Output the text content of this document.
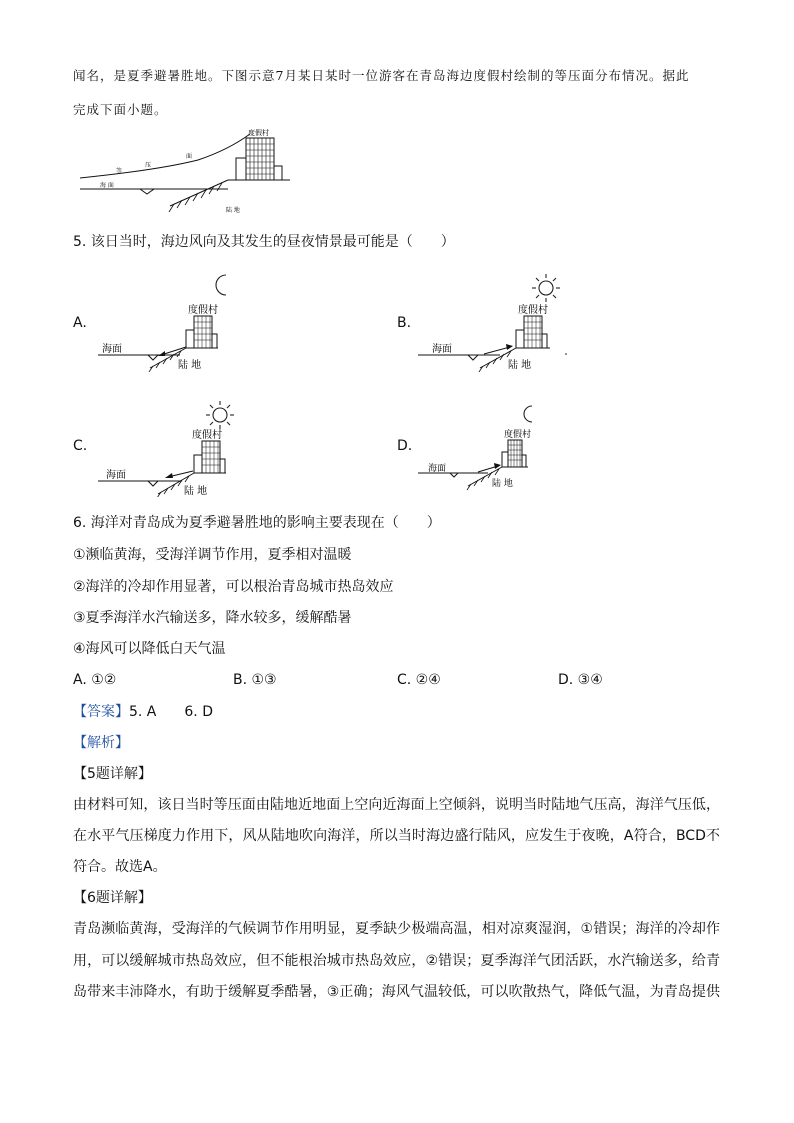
闻名，是夏季避暑胜地。下图示意7月某日某时一位游客在青岛海边度假村绘制的等压面分布情况。据此
完成下面小题。
度假村
等
压
面
海 面
陆 地
5. 该日当时，海边风向及其发生的昼夜情景最可能是（　　）
A.
度假村
海面
陆 地
B.
度假村
海面
陆 地
C.
度假村
海面
陆 地
D.
度假村
海面
陆 地
6. 海洋对青岛成为夏季避暑胜地的影响主要表现在（　　）
①濒临黄海，受海洋调节作用，夏季相对温暖
②海洋的冷却作用显著，可以根治青岛城市热岛效应
③夏季海洋水汽输送多，降水较多，缓解酷暑
④海风可以降低白天气温
A. ①②	B. ①③	C. ②④	D. ③④
【答案】5. A　　6. D
【解析】
【5题详解】
由材料可知，该日当时等压面由陆地近地面上空向近海面上空倾斜，说明当时陆地气压高，海洋气压低，
在水平气压梯度力作用下，风从陆地吹向海洋，所以当时海边盛行陆风，应发生于夜晚，A符合，BCD不
符合。故选A。
【6题详解】
青岛濒临黄海，受海洋的气候调节作用明显，夏季缺少极端高温，相对凉爽湿润，①错误；海洋的冷却作
用，可以缓解城市热岛效应，但不能根治城市热岛效应，②错误；夏季海洋气团活跃，水汽输送多，给青
岛带来丰沛降水，有助于缓解夏季酷暑，③正确；海风气温较低，可以吹散热气，降低气温，为青岛提供
